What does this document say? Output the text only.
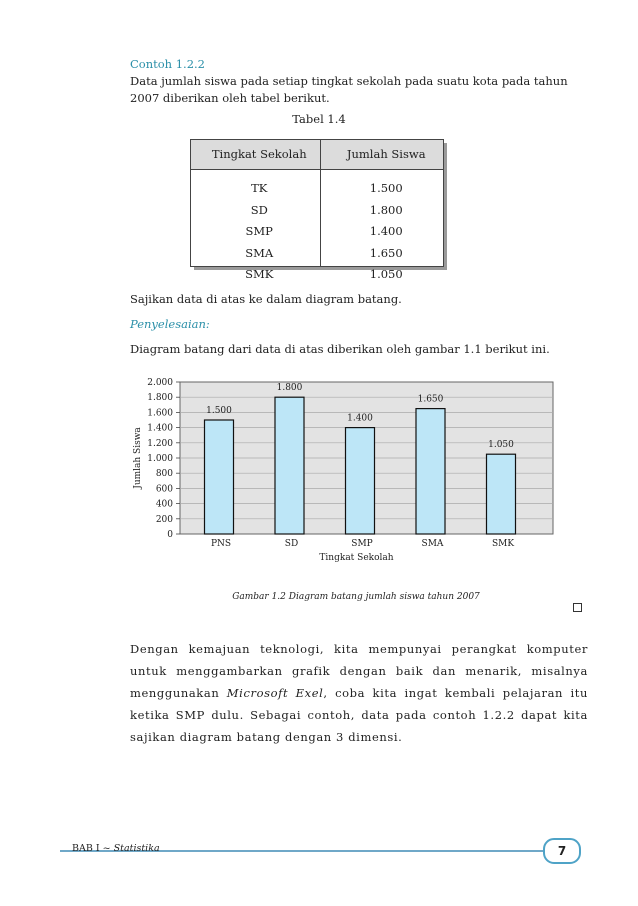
Contoh 1.2.2
Data jumlah siswa pada setiap tingkat sekolah pada suatu kota pada tahun 2007 diberikan oleh tabel berikut.
Tabel 1.4
Tingkat Sekolah	Jumlah Siswa

TK	1.500
SD	1.800
SMP	1.400
SMA	1.650
SMK	1.050
Sajikan data di atas ke dalam diagram batang.
Penyelesaian:
Diagram batang dari data di atas diberikan oleh gambar 1.1 berikut ini.
0
200
400
600
800
1.000
1.200
1.400
1.600
1.800
2.000
1.500
PNS
1.800
SD
1.400
SMP
1.650
SMA
1.050
SMK
Tingkat Sekolah
Jumlah Siswa
Gambar 1.2 Diagram batang jumlah siswa tahun 2007
Dengan kemajuan teknologi, kita mempunyai perangkat komputer untuk menggambarkan grafik dengan baik dan menarik, misalnya menggunakan Microsoft Exel, coba kita ingat kembali pelajaran itu ketika SMP dulu. Sebagai contoh, data pada contoh 1.2.2 dapat kita sajikan diagram batang dengan 3 dimensi.
BAB I ~ Statistika	7
